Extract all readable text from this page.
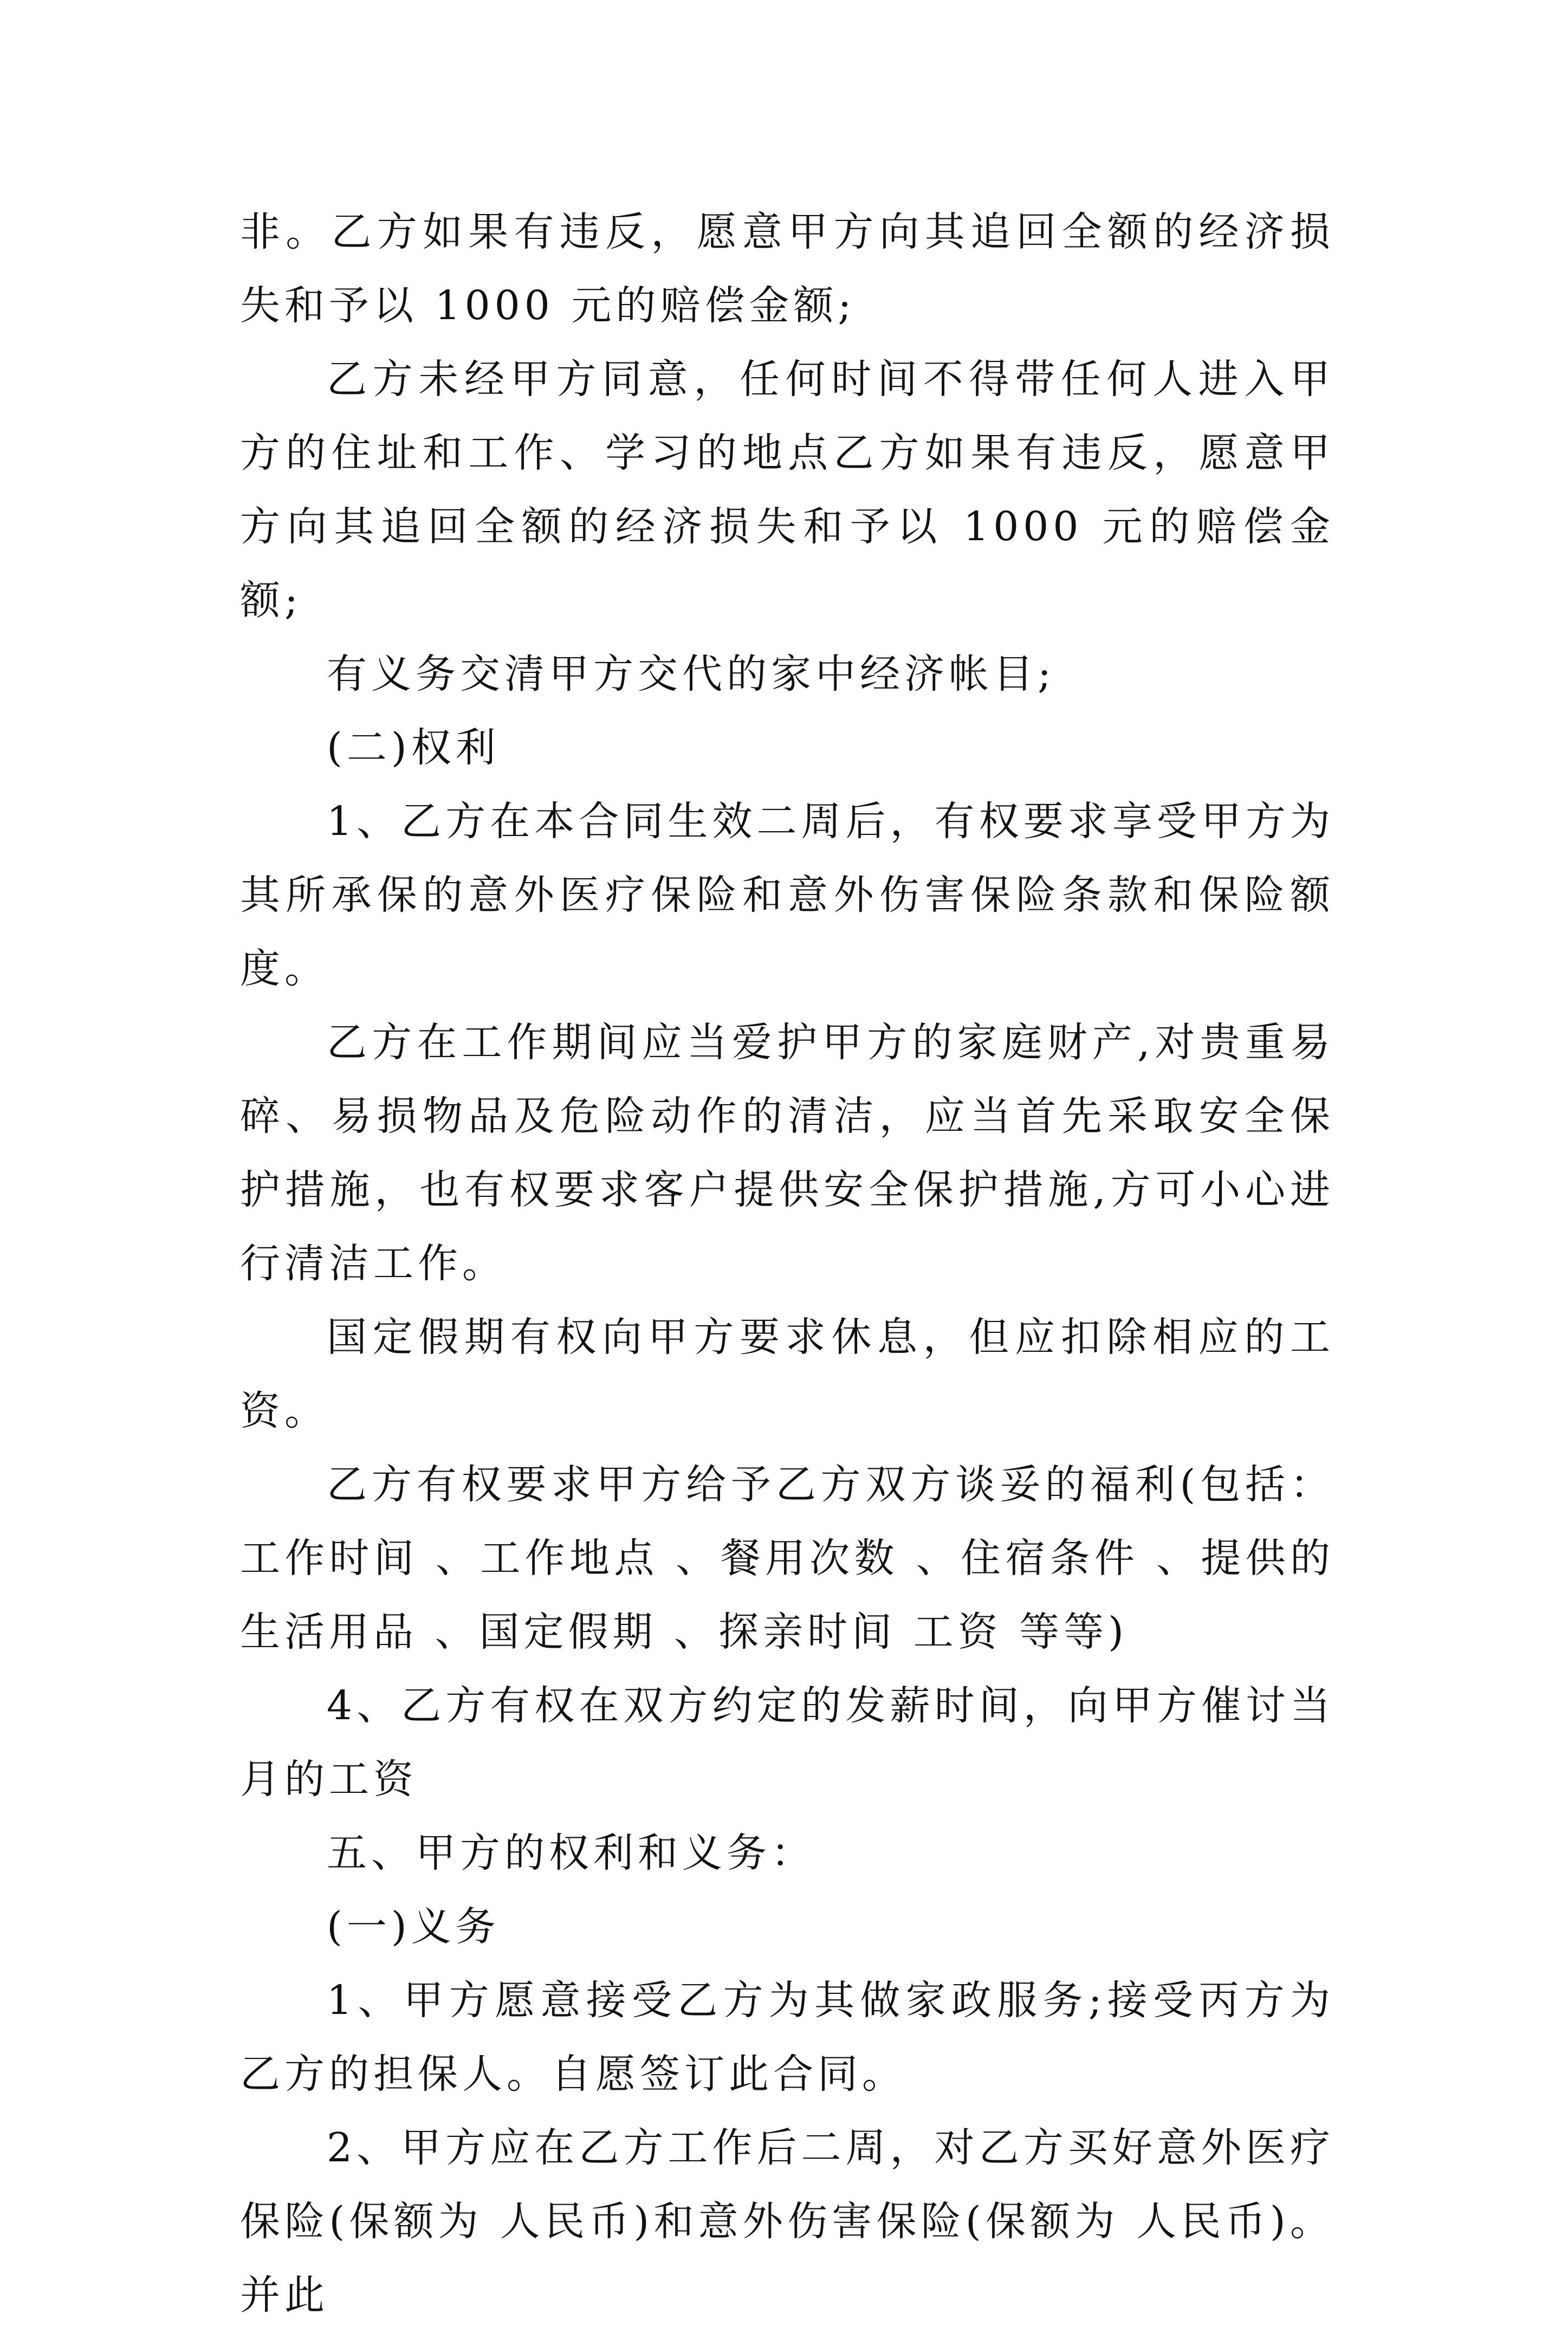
非。乙方如果有违反，愿意甲方向其追回全额的经济损失和予以 1000 元的赔偿金额;

乙方未经甲方同意，任何时间不得带任何人进入甲方的住址和工作、学习的地点乙方如果有违反，愿意甲方向其追回全额的经济损失和予以 1000 元的赔偿金额;

有义务交清甲方交代的家中经济帐目;

(二)权利

1、乙方在本合同生效二周后，有权要求享受甲方为其所承保的意外医疗保险和意外伤害保险条款和保险额度。

乙方在工作期间应当爱护甲方的家庭财产,对贵重易碎、易损物品及危险动作的清洁，应当首先采取安全保护措施，也有权要求客户提供安全保护措施,方可小心进行清洁工作。

国定假期有权向甲方要求休息，但应扣除相应的工资。

乙方有权要求甲方给予乙方双方谈妥的福利(包括：工作时间 、工作地点 、餐用次数 、住宿条件 、提供的生活用品 、国定假期 、探亲时间 工资 等等)

4、乙方有权在双方约定的发薪时间，向甲方催讨当月的工资

五、甲方的权利和义务：

(一)义务

1、甲方愿意接受乙方为其做家政服务;接受丙方为乙方的担保人。自愿签订此合同。

2、甲方应在乙方工作后二周，对乙方买好意外医疗保险(保额为 人民币)和意外伤害保险(保额为 人民币)。并此
